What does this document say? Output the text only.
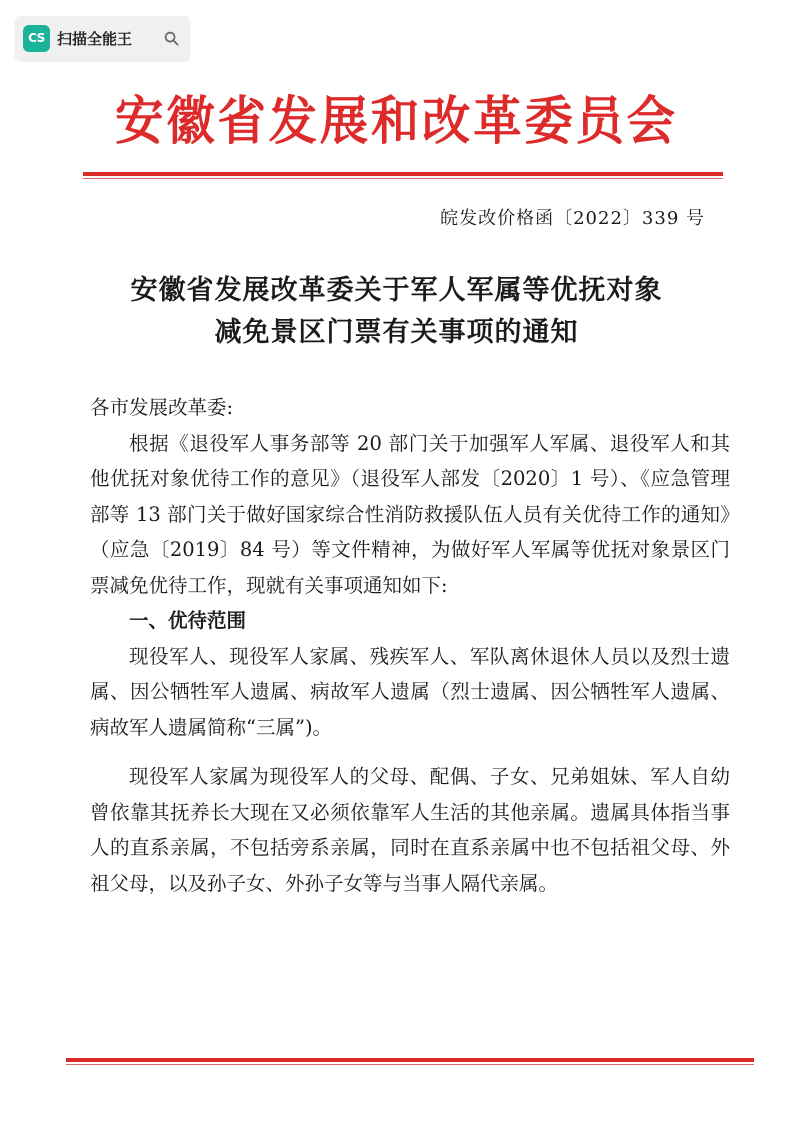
CS 扫描全能王
安徽省发展和改革委员会
皖发改价格函〔2022〕339 号
安徽省发展改革委关于军人军属等优抚对象
减免景区门票有关事项的通知

各市发展改革委:

根据《退役军人事务部等 20 部门关于加强军人军属、退役军人和其他优抚对象优待工作的意见》（退役军人部发〔2020〕1 号）、《应急管理部等 13 部门关于做好国家综合性消防救援队伍人员有关优待工作的通知》（应急〔2019〕84 号）等文件精神，为做好军人军属等优抚对象景区门票减免优待工作，现就有关事项通知如下:

一、优待范围

现役军人、现役军人家属、残疾军人、军队离休退休人员以及烈士遗属、因公牺牲军人遗属、病故军人遗属（烈士遗属、因公牺牲军人遗属、病故军人遗属简称“三属”)。

现役军人家属为现役军人的父母、配偶、子女、兄弟姐妹、军人自幼曾依靠其抚养长大现在又必须依靠军人生活的其他亲属。遗属具体指当事人的直系亲属，不包括旁系亲属，同时在直系亲属中也不包括祖父母、外祖父母，以及孙子女、外孙子女等与当事人隔代亲属。
